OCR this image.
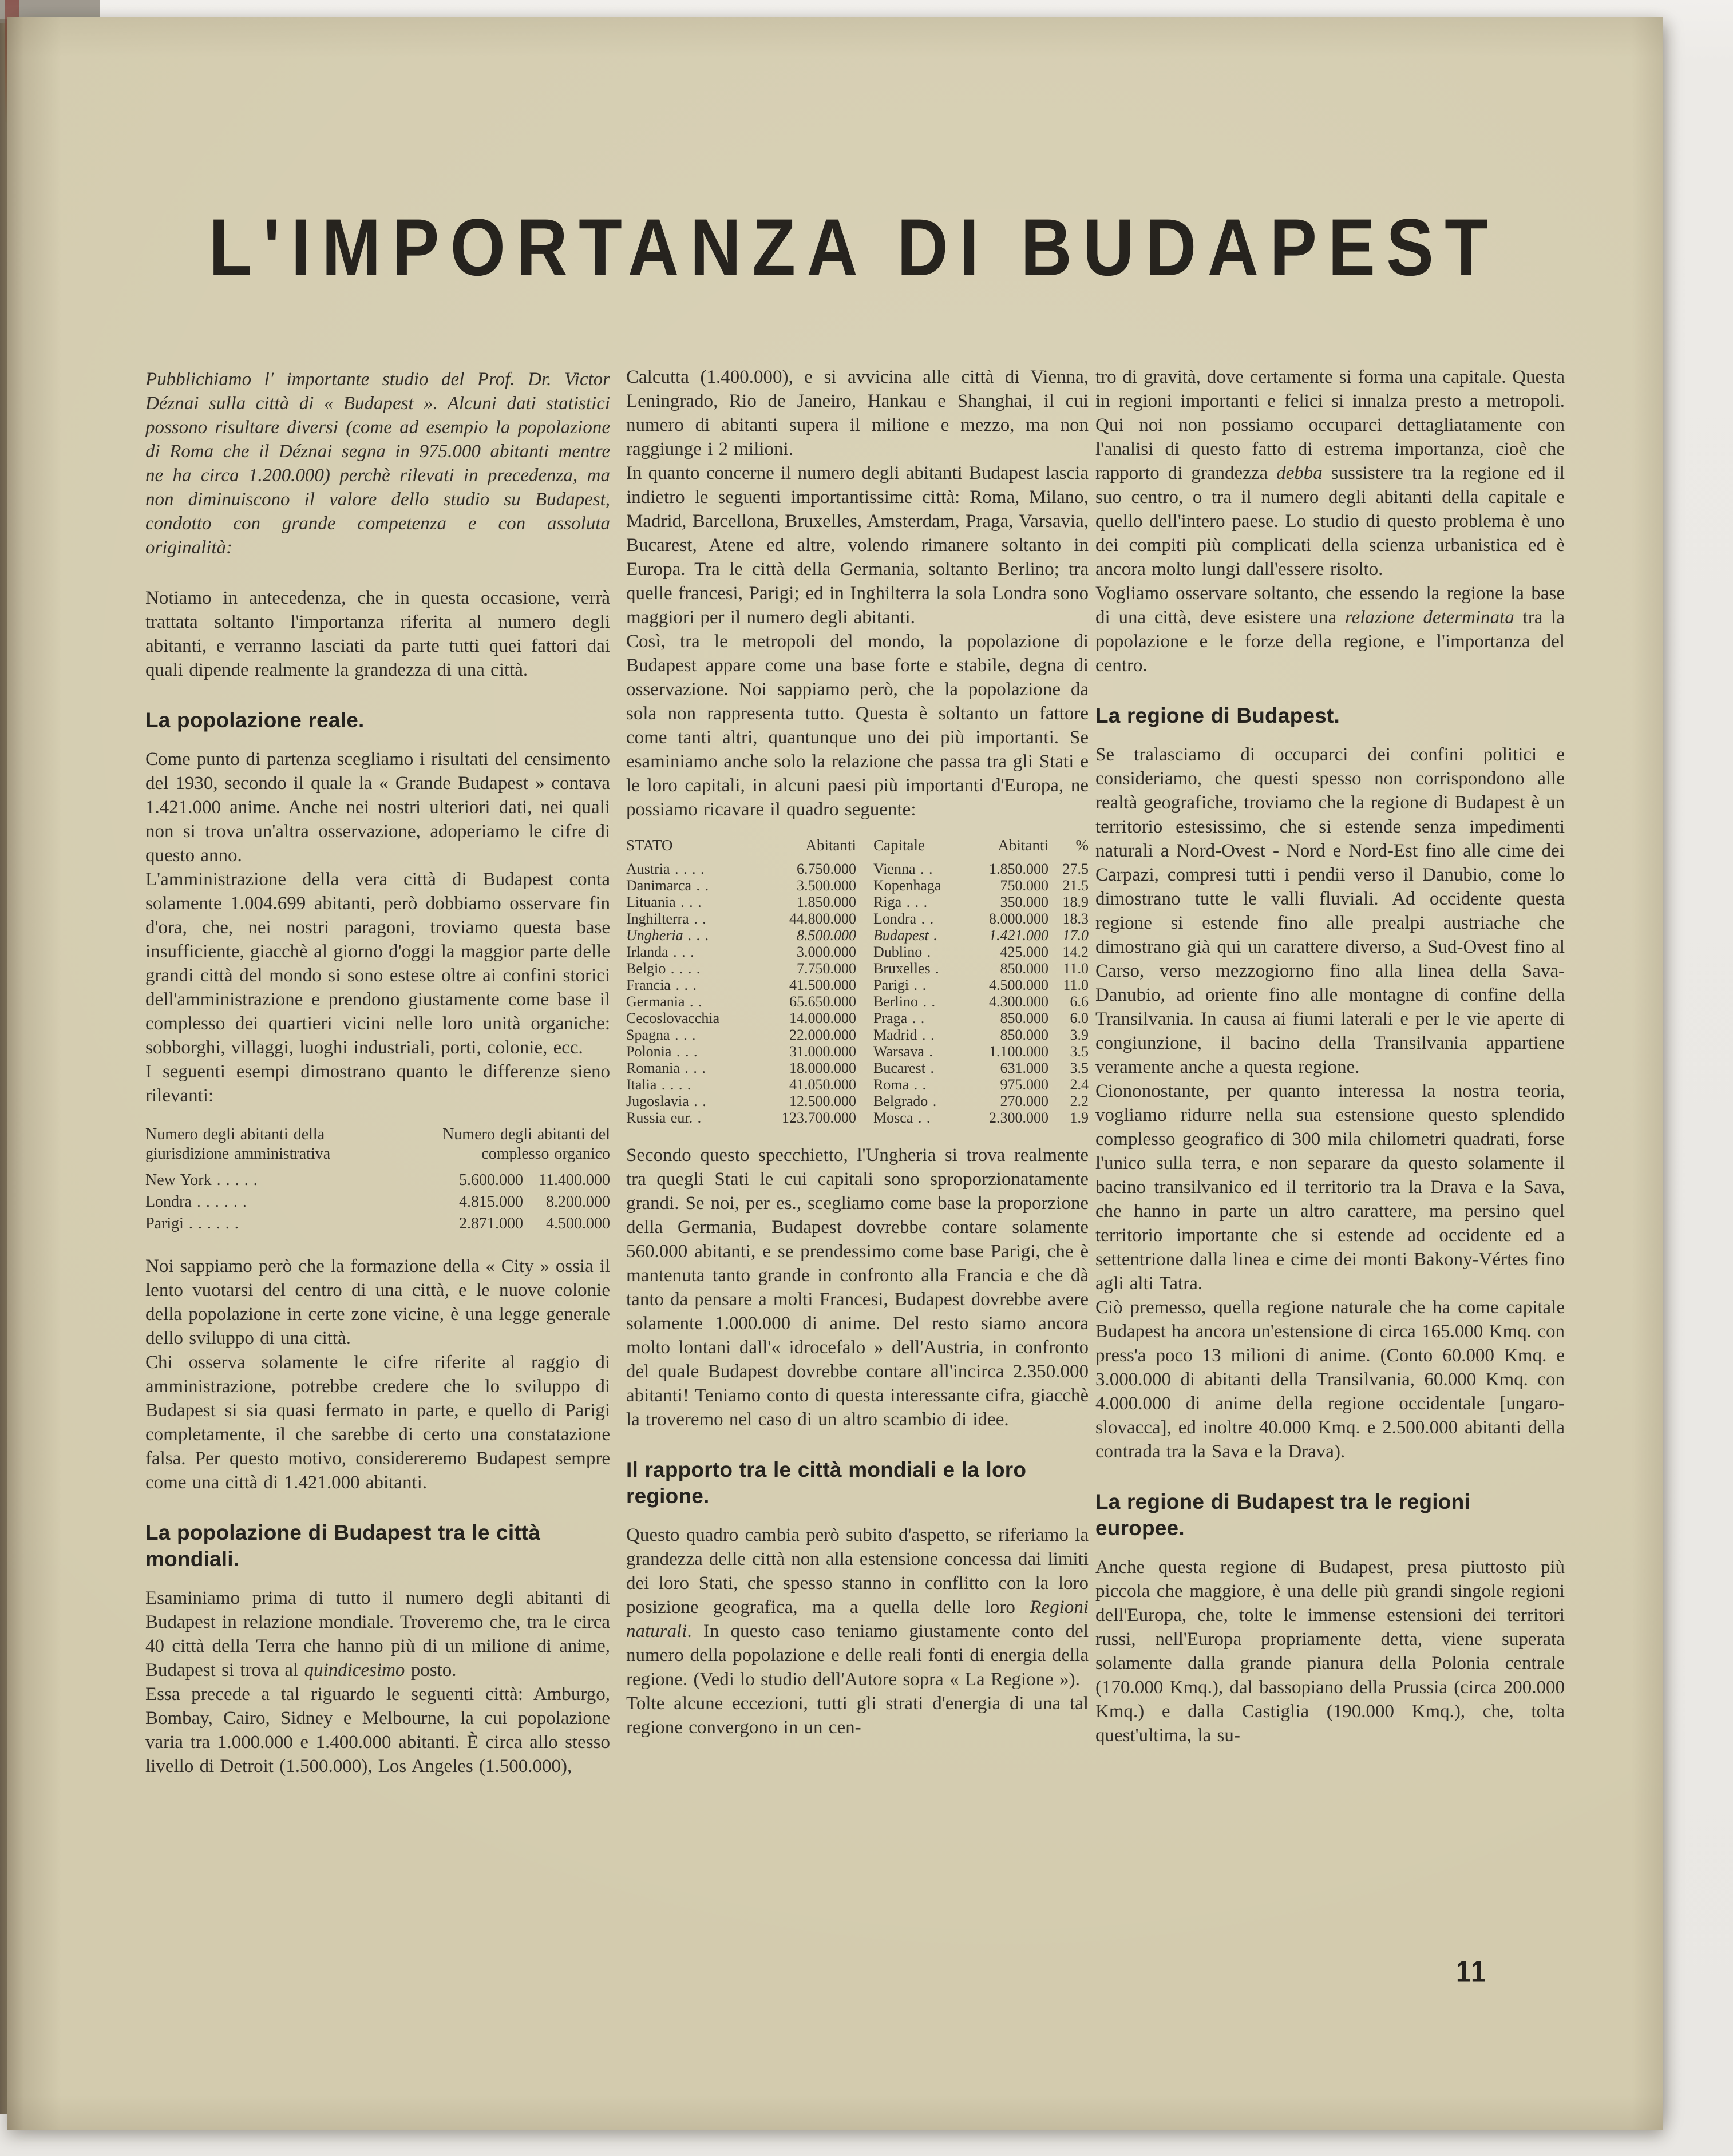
L'IMPORTANZA DI BUDAPEST

Pubblichiamo l' importante studio del Prof. Dr. Victor Déznai sulla città di « Budapest ». Alcuni dati statistici possono risultare diversi (come ad esempio la popolazione di Roma che il Déznai segna in 975.000 abitanti mentre ne ha circa 1.200.000) perchè rilevati in precedenza, ma non diminuiscono il valore dello studio su Budapest, condotto con grande competenza e con assoluta originalità:

Notiamo in antecedenza, che in questa occasione, verrà trattata soltanto l'importanza riferita al numero degli abitanti, e verranno lasciati da parte tutti quei fattori dai quali dipende realmente la grandezza di una città.

La popolazione reale.

Come punto di partenza scegliamo i risultati del censimento del 1930, secondo il quale la « Grande Budapest » contava 1.421.000 anime. Anche nei nostri ulteriori dati, nei quali non si trova un'altra osservazione, adoperiamo le cifre di questo anno.

L'amministrazione della vera città di Budapest conta solamente 1.004.699 abitanti, però dobbiamo osservare fin d'ora, che, nei nostri paragoni, troviamo questa base insufficiente, giacchè al giorno d'oggi la maggior parte delle grandi città del mondo si sono estese oltre ai confini storici dell'amministrazione e prendono giustamente come base il complesso dei quartieri vicini nelle loro unità organiche: sobborghi, villaggi, luoghi industriali, porti, colonie, ecc.

I seguenti esempi dimostrano quanto le differenze sieno rilevanti:

Numero degli abitanti della giurisdizione amministrativa
Numero degli abitanti del complesso organico
New York . . . . .	5.600.000 11.400.000
Londra . . . . . .	4.815.000	8.200.000
Parigi . . . . . .	2.871.000	4.500.000

Noi sappiamo però che la formazione della « City » ossia il lento vuotarsi del centro di una città, e le nuove colonie della popolazione in certe zone vicine, è una legge generale dello sviluppo di una città.

Chi osserva solamente le cifre riferite al raggio di amministrazione, potrebbe credere che lo sviluppo di Budapest si sia quasi fermato in parte, e quello di Parigi completamente, il che sarebbe di certo una constatazione falsa. Per questo motivo, considereremo Budapest sempre come una città di 1.421.000 abitanti.

La popolazione di Budapest tra le città mondiali.

Esaminiamo prima di tutto il numero degli abitanti di Budapest in relazione mondiale. Troveremo che, tra le circa 40 città della Terra che hanno più di un milione di anime, Budapest si trova al quindicesimo posto.

Essa precede a tal riguardo le seguenti città: Amburgo, Bombay, Cairo, Sidney e Melbourne, la cui popolazione varia tra 1.000.000 e 1.400.000 abitanti. È circa allo stesso livello di Detroit (1.500.000), Los Angeles (1.500.000),

Calcutta (1.400.000), e si avvicina alle città di Vienna, Leningrado, Rio de Janeiro, Hankau e Shanghai, il cui numero di abitanti supera il milione e mezzo, ma non raggiunge i 2 milioni.

In quanto concerne il numero degli abitanti Budapest lascia indietro le seguenti importantissime città: Roma, Milano, Madrid, Barcellona, Bruxelles, Amsterdam, Praga, Varsavia, Bucarest, Atene ed altre, volendo rimanere soltanto in Europa. Tra le città della Germania, soltanto Berlino; tra quelle francesi, Parigi; ed in Inghilterra la sola Londra sono maggiori per il numero degli abitanti.

Così, tra le metropoli del mondo, la popolazione di Budapest appare come una base forte e stabile, degna di osservazione. Noi sappiamo però, che la popolazione da sola non rappresenta tutto. Questa è soltanto un fattore come tanti altri, quantunque uno dei più importanti. Se esaminiamo anche solo la relazione che passa tra gli Stati e le loro capitali, in alcuni paesi più importanti d'Europa, ne possiamo ricavare il quadro seguente:

STATO	Abitanti Capitale	Abitanti	%
Austria . . . .	6.750.000 Vienna . .	1.850.000 27.5
Danimarca . .	3.500.000 Kopenhaga	750.000 21.5
Lituania . . .	1.850.000 Riga . . .	350.000 18.9
Inghilterra . .	44.800.000 Londra . .	8.000.000 18.3
Ungheria . . .	8.500.000 Budapest .	1.421.000 17.0
Irlanda . . .	3.000.000 Dublino .	425.000 14.2
Belgio . . . .	7.750.000 Bruxelles .	850.000 11.0
Francia . . .	41.500.000 Parigi . .	4.500.000 11.0
Germania . .	65.650.000 Berlino . .	4.300.000	6.6
Cecoslovacchia	14.000.000 Praga . .	850.000	6.0
Spagna . . .	22.000.000 Madrid . .	850.000	3.9
Polonia . . .	31.000.000 Warsava .	1.100.000	3.5
Romania . . .	18.000.000 Bucarest .	631.000	3.5
Italia . . . .	41.050.000 Roma . .	975.000	2.4
Jugoslavia . .	12.500.000 Belgrado .	270.000	2.2
Russia eur. .	123.700.000 Mosca . .	2.300.000	1.9

Secondo questo specchietto, l'Ungheria si trova realmente tra quegli Stati le cui capitali sono sproporzionatamente grandi. Se noi, per es., scegliamo come base la proporzione della Germania, Budapest dovrebbe contare solamente 560.000 abitanti, e se prendessimo come base Parigi, che è mantenuta tanto grande in confronto alla Francia e che dà tanto da pensare a molti Francesi, Budapest dovrebbe avere solamente 1.000.000 di anime. Del resto siamo ancora molto lontani dall'« idrocefalo » dell'Austria, in confronto del quale Budapest dovrebbe contare all'incirca 2.350.000 abitanti! Teniamo conto di questa interessante cifra, giacchè la troveremo nel caso di un altro scambio di idee.

Il rapporto tra le città mondiali e la loro regione.

Questo quadro cambia però subito d'aspetto, se riferiamo la grandezza delle città non alla estensione concessa dai limiti dei loro Stati, che spesso stanno in conflitto con la loro posizione geografica, ma a quella delle loro Regioni naturali. In questo caso teniamo giustamente conto del numero della popolazione e delle reali fonti di energia della regione. (Vedi lo studio dell'Autore sopra « La Regione »).

Tolte alcune eccezioni, tutti gli strati d'energia di una tal regione convergono in un cen-

tro di gravità, dove certamente si forma una capitale. Questa in regioni importanti e felici si innalza presto a metropoli. Qui noi non possiamo occuparci dettagliatamente con l'analisi di questo fatto di estrema importanza, cioè che rapporto di grandezza debba sussistere tra la regione ed il suo centro, o tra il numero degli abitanti della capitale e quello dell'intero paese. Lo studio di questo problema è uno dei compiti più complicati della scienza urbanistica ed è ancora molto lungi dall'essere risolto.

Vogliamo osservare soltanto, che essendo la regione la base di una città, deve esistere una relazione determinata tra la popolazione e le forze della regione, e l'importanza del centro.

La regione di Budapest.

Se tralasciamo di occuparci dei confini politici e consideriamo, che questi spesso non corrispondono alle realtà geografiche, troviamo che la regione di Budapest è un territorio estesissimo, che si estende senza impedimenti naturali a Nord-Ovest - Nord e Nord-Est fino alle cime dei Carpazi, compresi tutti i pendii verso il Danubio, come lo dimostrano tutte le valli fluviali. Ad occidente questa regione si estende fino alle prealpi austriache che dimostrano già qui un carattere diverso, a Sud-Ovest fino al Carso, verso mezzogiorno fino alla linea della Sava-Danubio, ad oriente fino alle montagne di confine della Transilvania. In causa ai fiumi laterali e per le vie aperte di congiunzione, il bacino della Transilvania appartiene veramente anche a questa regione.

Ciononostante, per quanto interessa la nostra teoria, vogliamo ridurre nella sua estensione questo splendido complesso geografico di 300 mila chilometri quadrati, forse l'unico sulla terra, e non separare da questo solamente il bacino transilvanico ed il territorio tra la Drava e la Sava, che hanno in parte un altro carattere, ma persino quel territorio importante che si estende ad occidente ed a settentrione dalla linea e cime dei monti Bakony-Vértes fino agli alti Tatra.

Ciò premesso, quella regione naturale che ha come capitale Budapest ha ancora un'estensione di circa 165.000 Kmq. con press'a poco 13 milioni di anime. (Conto 60.000 Kmq. e 3.000.000 di abitanti della Transilvania, 60.000 Kmq. con 4.000.000 di anime della regione occidentale [ungaro-slovacca], ed inoltre 40.000 Kmq. e 2.500.000 abitanti della contrada tra la Sava e la Drava).

La regione di Budapest tra le regioni europee.

Anche questa regione di Budapest, presa piuttosto più piccola che maggiore, è una delle più grandi singole regioni dell'Europa, che, tolte le immense estensioni dei territori russi, nell'Europa propriamente detta, viene superata solamente dalla grande pianura della Polonia centrale (170.000 Kmq.), dal bassopiano della Prussia (circa 200.000 Kmq.) e dalla Castiglia (190.000 Kmq.), che, tolta quest'ultima, la su-

11
